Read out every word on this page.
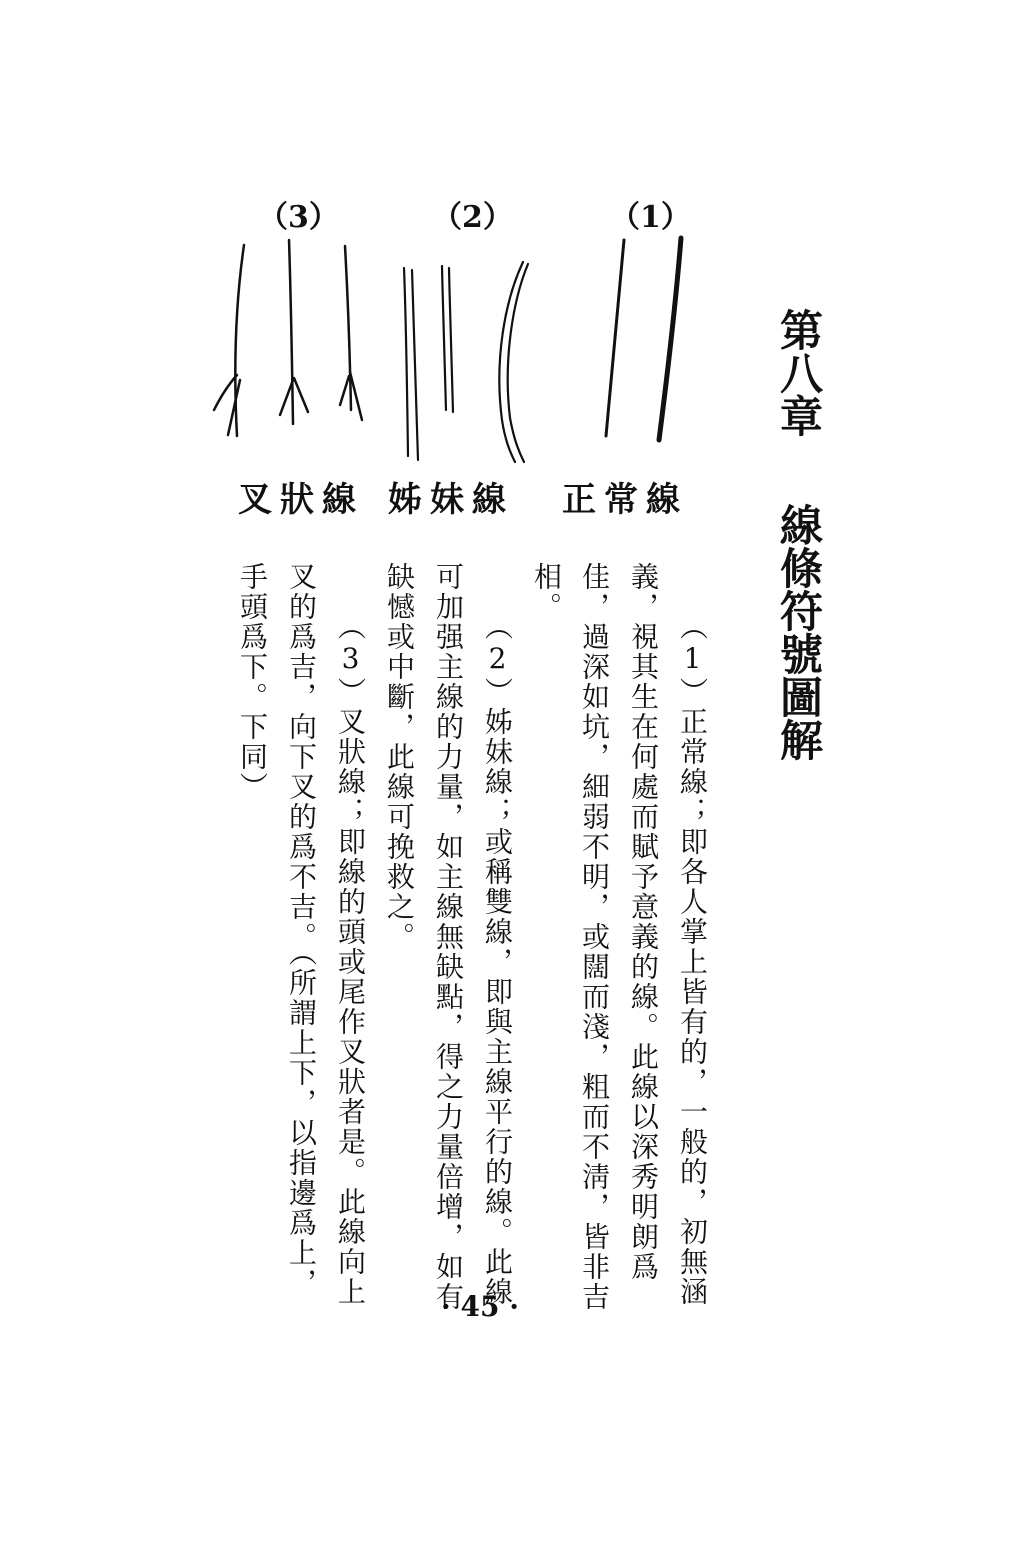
第八章線條符號圖解
（1）
（2）
（3）
正常線
姊妹線
叉狀線
（1）正常線；即各人掌上皆有的，一般的，初無涵
義，視其生在何處而賦予意義的線。此線以深秀明朗爲
佳，過深如坑，細弱不明，或闊而淺，粗而不淸，皆非吉
相。
（2）姊妹線；或稱雙線，即與主線平行的線。此線
可加强主線的力量，如主線無缺點，得之力量倍增，如有
缺憾或中斷，此線可挽救之。
（3）叉狀線；即線的頭或尾作叉狀者是。此線向上
叉的爲吉，向下叉的爲不吉。（所謂上下，以指邊爲上，
手頭爲下。下同）
· 45 ·
